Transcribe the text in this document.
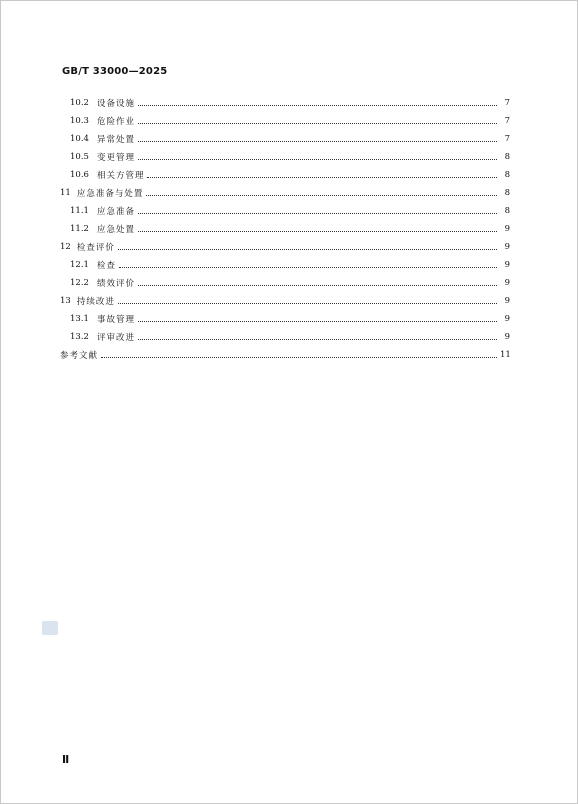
GB/T 33000—2025
10.2 设备设施	7
10.3 危险作业	7
10.4 异常处置	7
10.5 变更管理	8
10.6 相关方管理	8
11 应急准备与处置	8
11.1 应急准备	8
11.2 应急处置	9
12 检查评价	9
12.1 检查	9
12.2 绩效评价	9
13 持续改进	9
13.1 事故管理	9
13.2 评审改进	9
参考文献	11
Ⅱ
